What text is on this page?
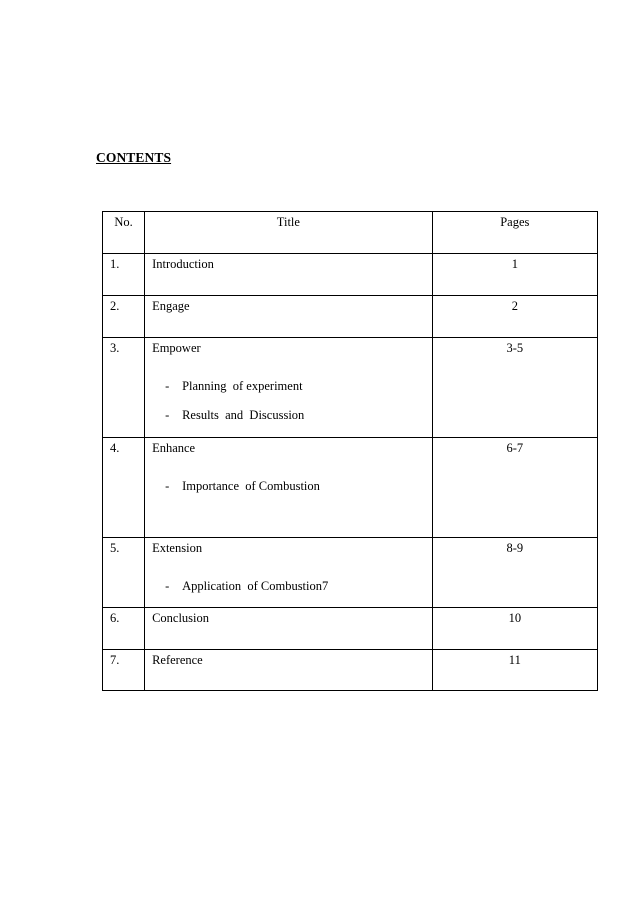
CONTENTS
No.	Title	Pages

1.	Introduction	1

2.	Engage	2

3.	Empower
- Planning  of experiment
- Results  and  Discussion	3-5

4.	Enhance
- Importance  of Combustion	6-7

5.	Extension
- Application  of Combustion7	8-9

6.	Conclusion	10

7.	Reference	11
